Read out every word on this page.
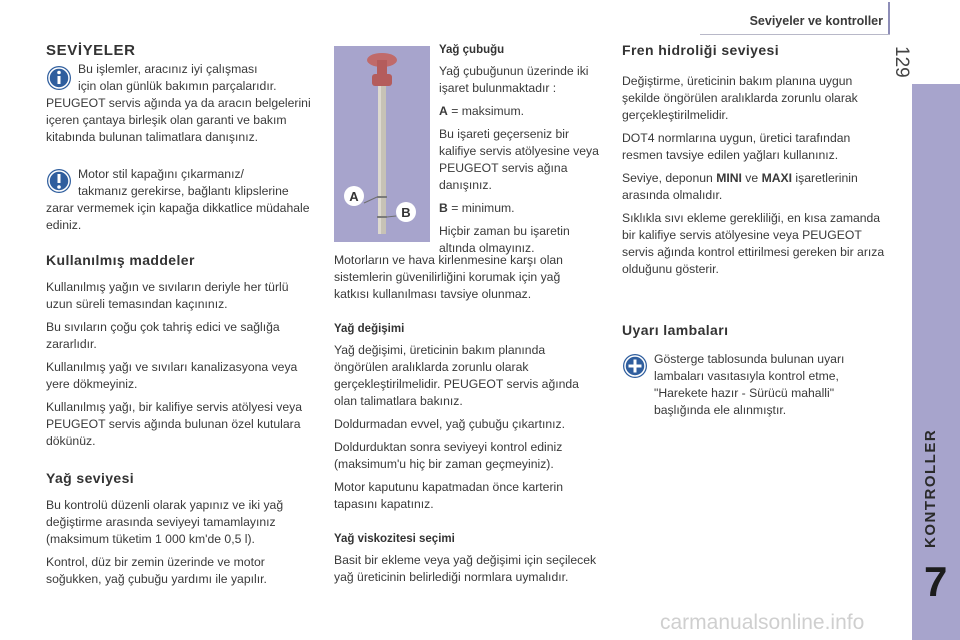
Seviyeler ve kontroller
129
KONTROLLER
7
SEVİYELER
Bu işlemler, aracınız iyi çalışması
için olan günlük bakımın parçalarıdır.

PEUGEOT servis ağında ya da aracın belgelerini içeren çantaya birleşik olan garanti ve bakım kitabında bulunan talimatlara danışınız.

Motor stil kapağını çıkarmanız/
takmanız gerekirse, bağlantı klipslerine

zarar vermemek için kapağa dikkatlice müdahale ediniz.

Kullanılmış maddeler

Kullanılmış yağın ve sıvıların deriyle her türlü uzun süreli temasından kaçınınız.

Bu sıvıların çoğu çok tahriş edici ve sağlığa zararlıdır.

Kullanılmış yağı ve sıvıları kanalizasyona veya yere dökmeyiniz.

Kullanılmış yağı, bir kalifiye servis atölyesi veya PEUGEOT servis ağında bulunan özel kutulara dökünüz.

Yağ seviyesi

Bu kontrolü düzenli olarak yapınız ve iki yağ değiştirme arasında seviyeyi tamamlayınız (maksimum tüketim 1 000 km'de 0,5 l).

Kontrol, düz bir zemin üzerinde ve motor soğukken, yağ çubuğu yardımı ile yapılır.

A
B
Yağ çubuğu

Yağ çubuğunun üzerinde iki işaret bulunmaktadır :

A = maksimum.

Bu işareti geçerseniz bir kalifiye servis atölyesine veya PEUGEOT servis ağına danışınız.

B = minimum.

Hiçbir zaman bu işaretin altında olmayınız.

Motorların ve hava kirlenmesine karşı olan sistemlerin güvenilirliğini korumak için yağ katkısı kullanılması tavsiye olunmaz.

Yağ değişimi

Yağ değişimi, üreticinin bakım planında öngörülen aralıklarda zorunlu olarak gerçekleştirilmelidir. PEUGEOT servis ağında olan talimatlara bakınız.

Doldurmadan evvel, yağ çubuğu çıkartınız.

Doldurduktan sonra seviyeyi kontrol ediniz (maksimum'u hiç bir zaman geçmeyiniz).

Motor kaputunu kapatmadan önce karterin tapasını kapatınız.

Yağ viskozitesi seçimi

Basit bir ekleme veya yağ değişimi için seçilecek yağ üreticinin belirlediği normlara uymalıdır.

Fren hidroliği seviyesi

Değiştirme, üreticinin bakım planına uygun şekilde öngörülen aralıklarda zorunlu olarak gerçekleştirilmelidir.

DOT4 normlarına uygun, üretici tarafından resmen tavsiye edilen yağları kullanınız.

Seviye, deponun MINI ve MAXI işaretlerinin arasında olmalıdır.

Sıklıkla sıvı ekleme gerekliliği, en kısa zamanda bir kalifiye servis atölyesine veya PEUGEOT servis ağında kontrol ettirilmesi gereken bir arıza olduğunu gösterir.

Uyarı lambaları
Gösterge tablosunda bulunan uyarı lambaları vasıtasıyla kontrol etme, "Harekete hazır - Sürücü mahalli" başlığında ele alınmıştır.
carmanualsonline.info
